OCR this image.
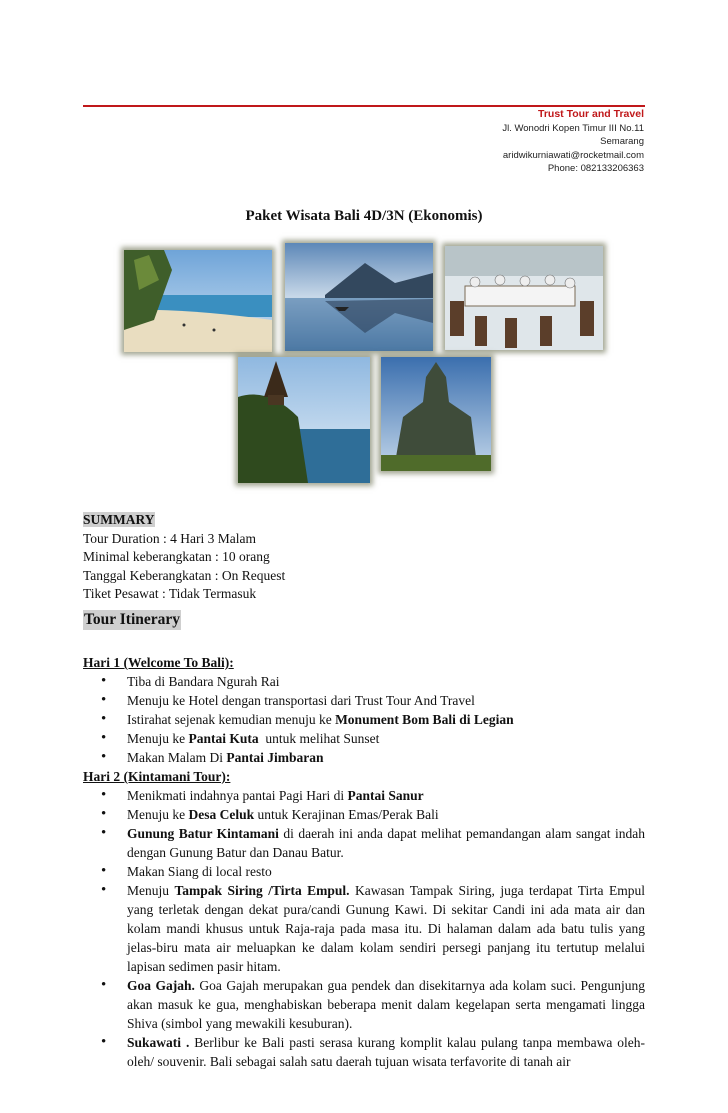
Trust Tour and Travel
Jl. Wonodri Kopen Timur III No.11
Semarang
aridwikurniawati@rocketmail.com
Phone: 082133206363
Paket Wisata Bali 4D/3N (Ekonomis)
SUMMARY
Tour Duration : 4 Hari 3 Malam
Minimal keberangkatan : 10 orang
Tanggal Keberangkatan : On Request
Tiket Pesawat : Tidak Termasuk
Tour Itinerary
Hari 1 (Welcome To Bali):
• Tiba di Bandara Ngurah Rai
• Menuju ke Hotel dengan transportasi dari Trust Tour And Travel
• Istirahat sejenak kemudian menuju ke Monument Bom Bali di Legian
• Menuju ke Pantai Kuta  untuk melihat Sunset
• Makan Malam Di Pantai Jimbaran
Hari 2 (Kintamani Tour):
• Menikmati indahnya pantai Pagi Hari di Pantai Sanur
• Menuju ke Desa Celuk untuk Kerajinan Emas/Perak Bali
• Gunung Batur Kintamani di daerah ini anda dapat melihat pemandangan alam sangat indah dengan Gunung Batur dan Danau Batur.
• Makan Siang di local resto
• Menuju Tampak Siring /Tirta Empul. Kawasan Tampak Siring, juga terdapat Tirta Empul yang terletak dengan dekat pura/candi Gunung Kawi. Di sekitar Candi ini ada mata air dan kolam mandi khusus untuk Raja-raja pada masa itu. Di halaman dalam ada batu tulis yang jelas-biru mata air meluapkan ke dalam kolam sendiri persegi panjang itu tertutup melalui lapisan sedimen pasir hitam.
• Goa Gajah. Goa Gajah merupakan gua pendek dan disekitarnya ada kolam suci. Pengunjung akan masuk ke gua, menghabiskan beberapa menit dalam kegelapan serta mengamati lingga Shiva (simbol yang mewakili kesuburan).
• Sukawati . Berlibur ke Bali pasti serasa kurang komplit kalau pulang tanpa membawa oleh-oleh/ souvenir. Bali sebagai salah satu daerah tujuan wisata terfavorite di tanah air
